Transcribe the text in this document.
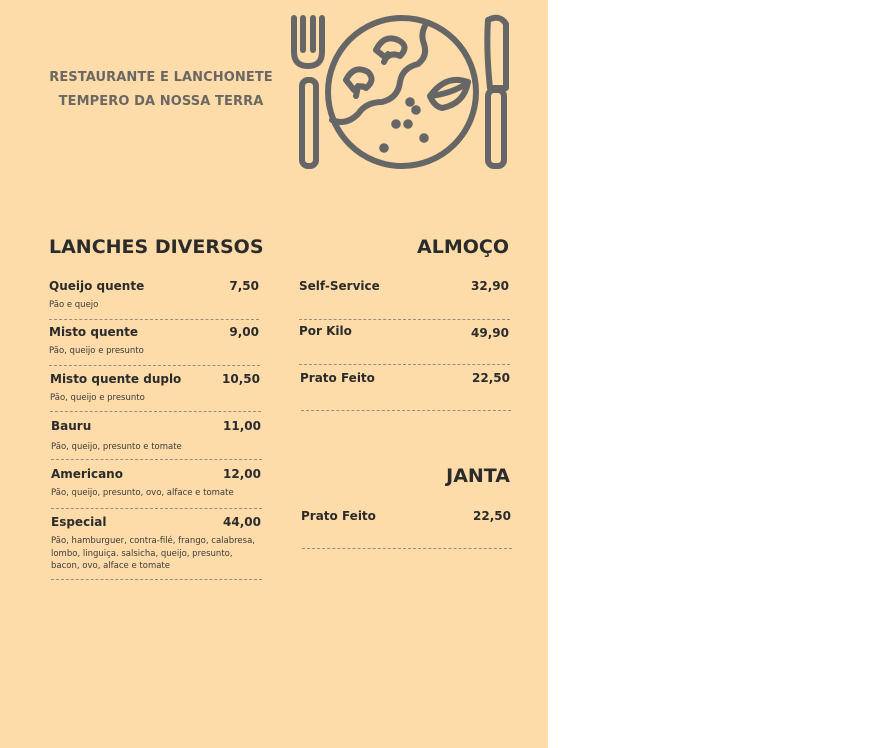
RESTAURANTE E LANCHONETE
TEMPERO DA NOSSA TERRA
LANCHES DIVERSOS
Queijo quente	7,50
Pão e quejo
Misto quente	9,00
Pão, queijo e presunto
Misto quente duplo	10,50
Pão, queijo e presunto
Bauru	11,00
Pão, queijo, presunto e tomate
Americano	12,00
Pão, queijo, presunto, ovo, alface e tomate
Especial	44,00
Pão, hamburguer, contra-filé, frango, calabresa, lombo, linguiça. salsicha, queijo, presunto, bacon, ovo, alface e tomate
ALMOÇO
Self-Service	32,90
Por Kilo	49,90
Prato Feito	22,50
JANTA
Prato Feito	22,50
